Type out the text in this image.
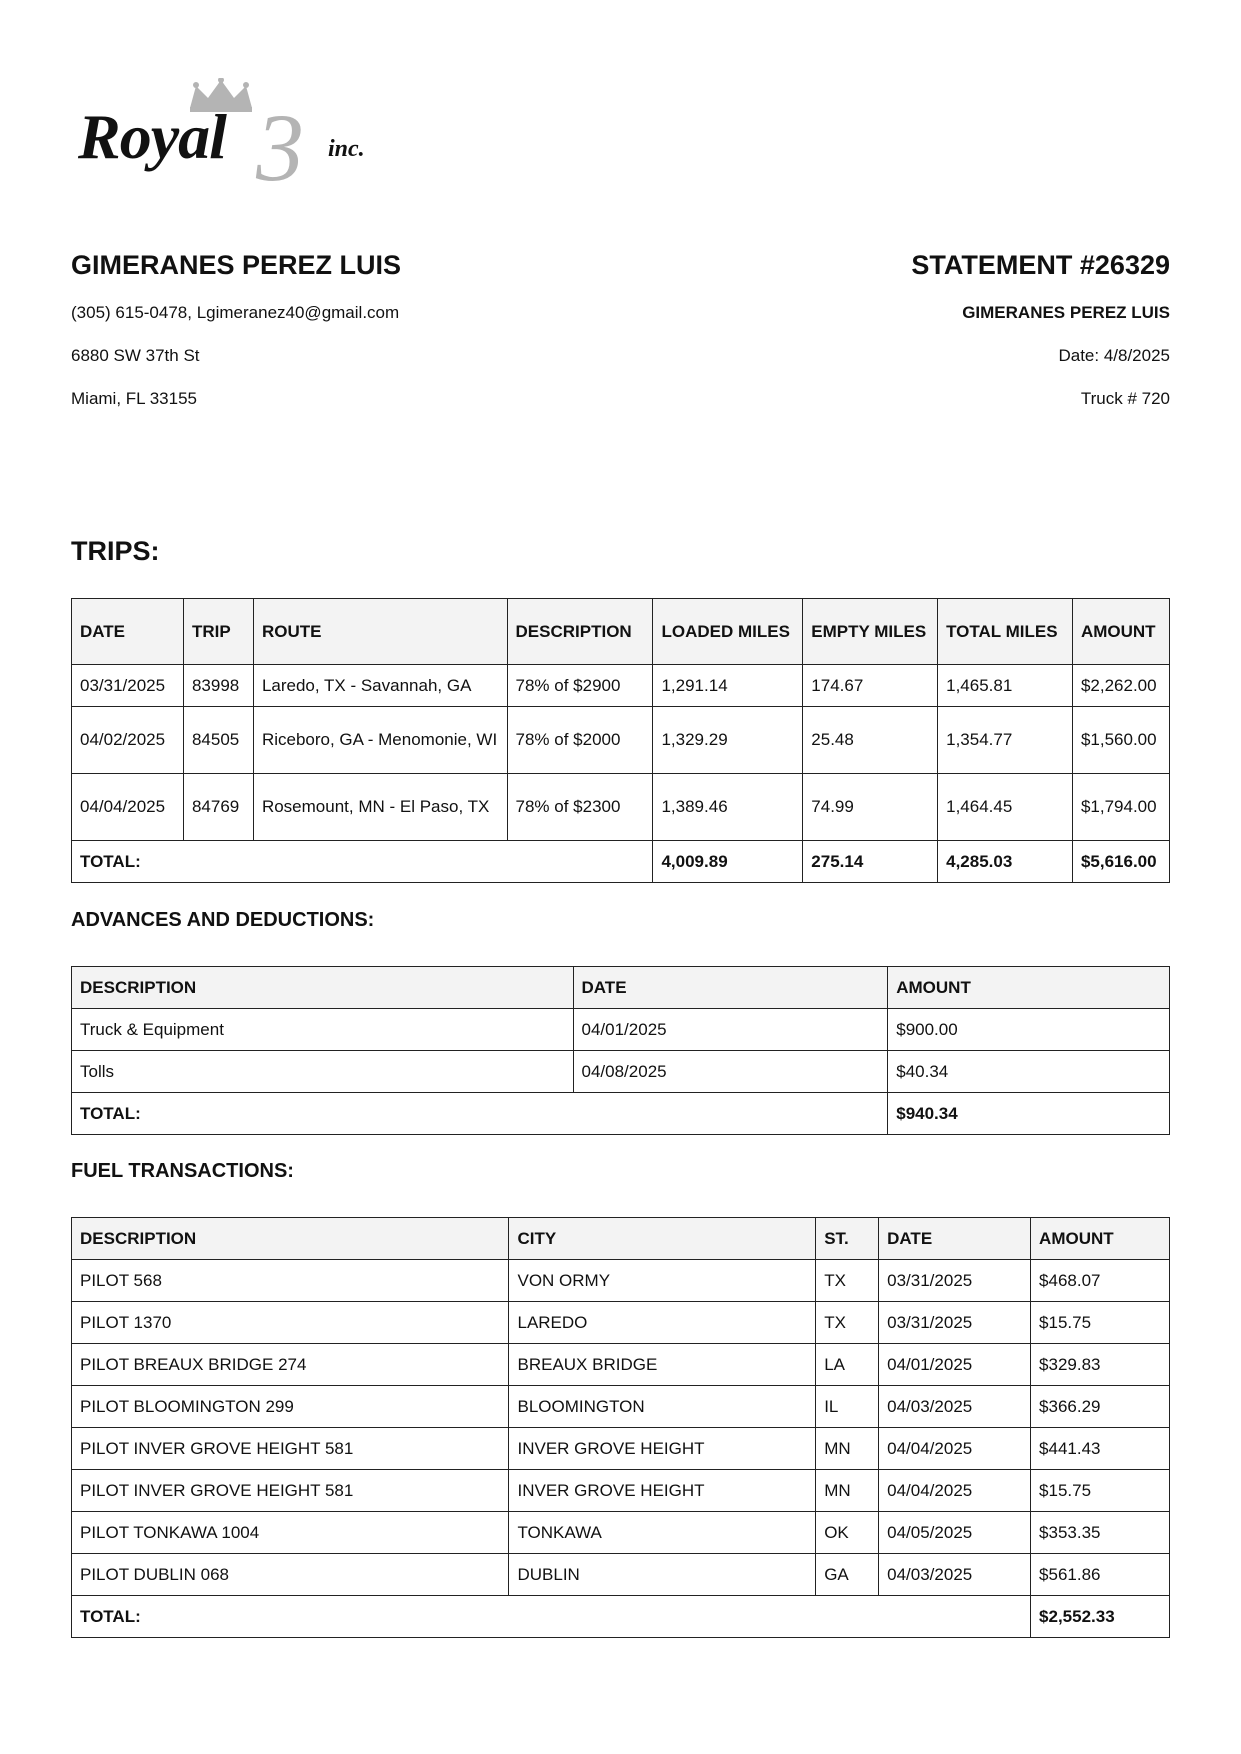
3
Royal	inc.
GIMERANES PEREZ LUIS
(305) 615-0478, Lgimeranez40@gmail.com
6880 SW 37th St
Miami, FL 33155
STATEMENT #26329
GIMERANES PEREZ LUIS
Date: 4/8/2025
Truck # 720
TRIPS:
DATE	TRIP	ROUTE	DESCRIPTION	LOADED MILES	EMPTY MILES	TOTAL MILES	AMOUNT
03/31/2025	83998	Laredo, TX - Savannah, GA	78% of $2900	1,291.14	174.67	1,465.81	$2,262.00
04/02/2025	84505	Riceboro, GA - Menomonie, WI	78% of $2000	1,329.29	25.48	1,354.77	$1,560.00
04/04/2025	84769	Rosemount, MN - El Paso, TX	78% of $2300	1,389.46	74.99	1,464.45	$1,794.00
TOTAL:				4,009.89	275.14	4,285.03	$5,616.00
ADVANCES AND DEDUCTIONS:
DESCRIPTION	DATE	AMOUNT
Truck & Equipment	04/01/2025	$900.00
Tolls	04/08/2025	$40.34
TOTAL:		$940.34
FUEL TRANSACTIONS:
DESCRIPTION	CITY	ST.	DATE	AMOUNT
PILOT 568	VON ORMY	TX	03/31/2025	$468.07
PILOT 1370	LAREDO	TX	03/31/2025	$15.75
PILOT BREAUX BRIDGE 274	BREAUX BRIDGE	LA	04/01/2025	$329.83
PILOT BLOOMINGTON 299	BLOOMINGTON	IL	04/03/2025	$366.29
PILOT INVER GROVE HEIGHT 581	INVER GROVE HEIGHT	MN	04/04/2025	$441.43
PILOT INVER GROVE HEIGHT 581	INVER GROVE HEIGHT	MN	04/04/2025	$15.75
PILOT TONKAWA 1004	TONKAWA	OK	04/05/2025	$353.35
PILOT DUBLIN 068	DUBLIN	GA	04/03/2025	$561.86
TOTAL:				$2,552.33
